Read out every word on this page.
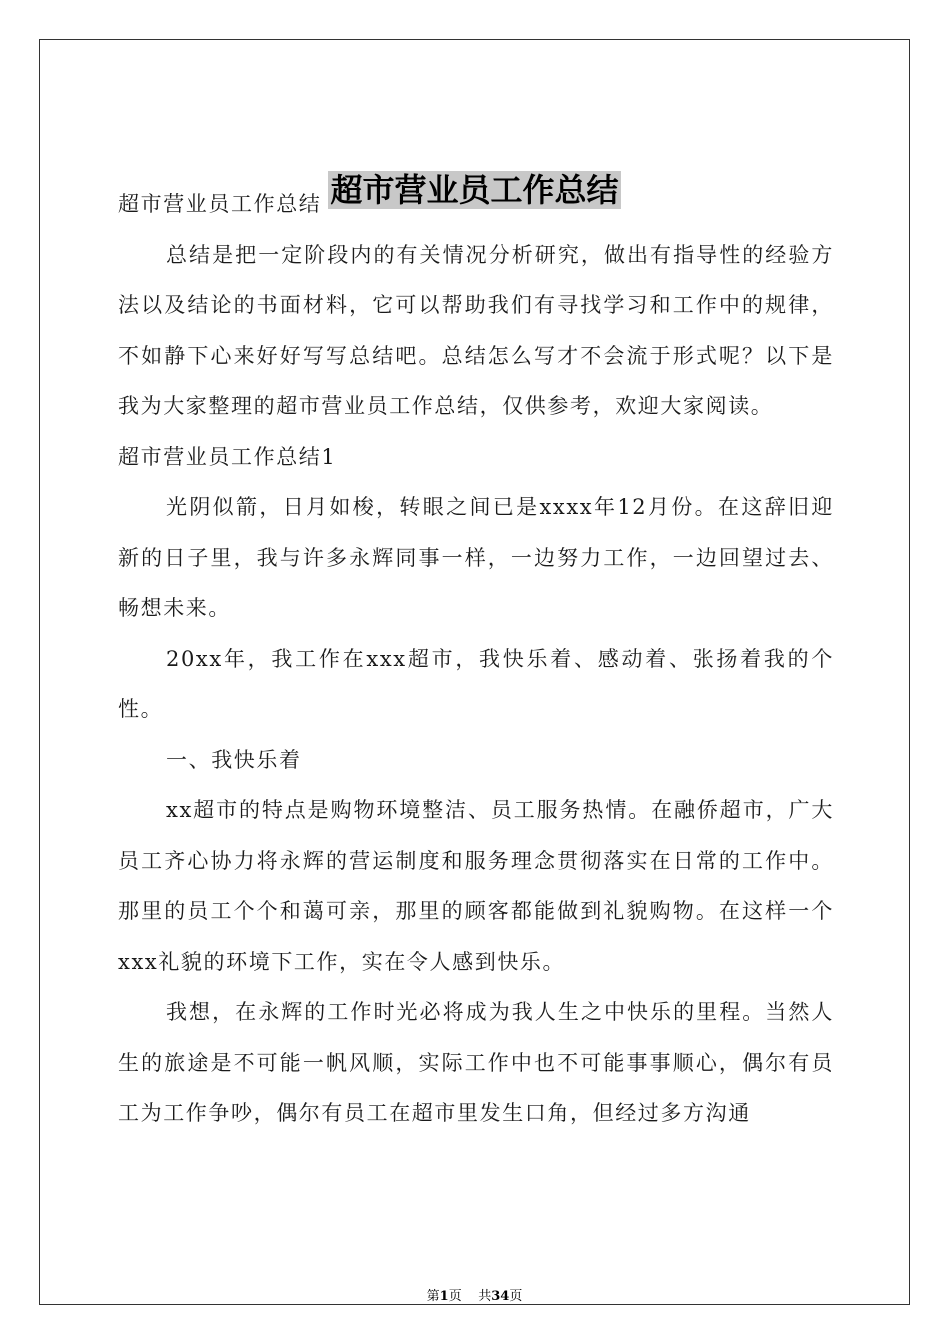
超市营业员工作总结

超市营业员工作总结

总结是把一定阶段内的有关情况分析研究，做出有指导性的经验方法以及结论的书面材料，它可以帮助我们有寻找学习和工作中的规律，不如静下心来好好写写总结吧。总结怎么写才不会流于形式呢？以下是我为大家整理的超市营业员工作总结，仅供参考，欢迎大家阅读。

超市营业员工作总结1

光阴似箭，日月如梭，转眼之间已是xxxx年12月份。在这辞旧迎新的日子里，我与许多永辉同事一样，一边努力工作，一边回望过去、畅想未来。

20xx年，我工作在xxx超市，我快乐着、感动着、张扬着我的个性。

一、我快乐着

xx超市的特点是购物环境整洁、员工服务热情。在融侨超市，广大员工齐心协力将永辉的营运制度和服务理念贯彻落实在日常的工作中。那里的员工个个和蔼可亲，那里的顾客都能做到礼貌购物。在这样一个xxx礼貌的环境下工作，实在令人感到快乐。

我想，在永辉的工作时光必将成为我人生之中快乐的里程。当然人生的旅途是不可能一帆风顺，实际工作中也不可能事事顺心，偶尔有员工为工作争吵，偶尔有员工在超市里发生口角，但经过多方沟通

第1页 共34页
